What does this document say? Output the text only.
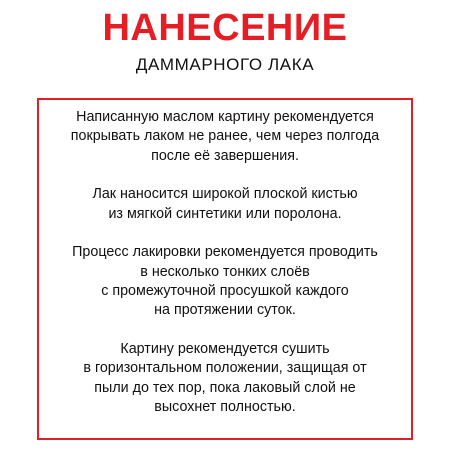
НАНЕСЕНИЕ
ДАММАРНОГО ЛАКА

Написанную маслом картину рекомендуется
покрывать лаком не ранее, чем через полгода
после её завершения.

Лак наносится широкой плоской кистью
из мягкой синтетики или поролона.

Процесс лакировки рекомендуется проводить
в несколько тонких слоёв
с промежуточной просушкой каждого
на протяжении суток.

Картину рекомендуется сушить
в горизонтальном положении, защищая от
пыли до тех пор, пока лаковый слой не
высохнет полностью.
